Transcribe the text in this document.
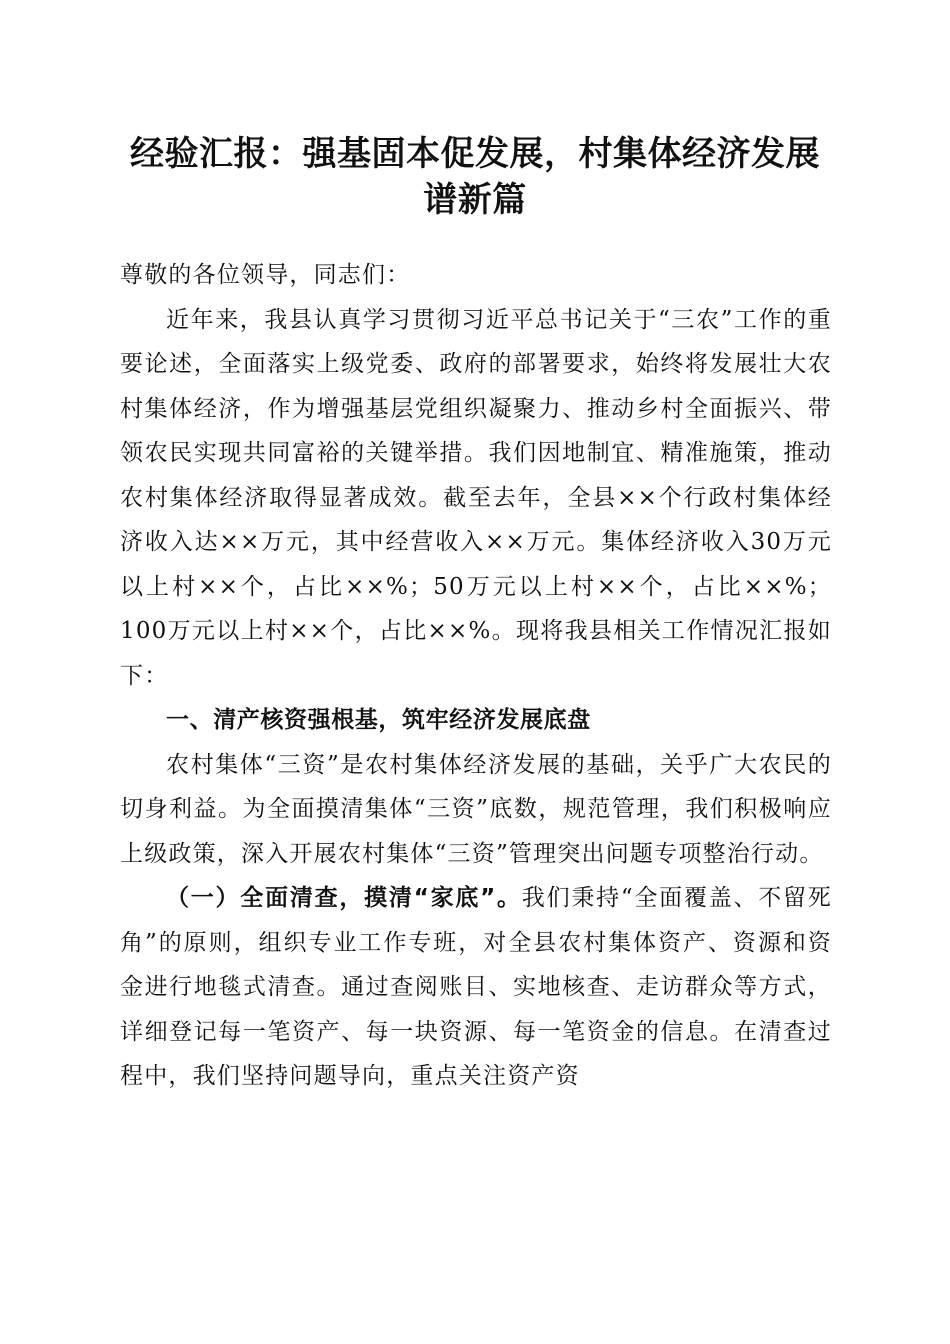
经验汇报：强基固本促发展，村集体经济发展
谱新篇

尊敬的各位领导，同志们：

近年来，我县认真学习贯彻习近平总书记关于“三农”工作的重要论述，全面落实上级党委、政府的部署要求，始终将发展壮大农村集体经济，作为增强基层党组织凝聚力、推动乡村全面振兴、带领农民实现共同富裕的关键举措。我们因地制宜、精准施策，推动农村集体经济取得显著成效。截至去年，全县××个行政村集体经济收入达××万元，其中经营收入××万元。集体经济收入30万元以上村××个，占比××%；50万元以上村××个，占比××%；100万元以上村××个，占比××%。现将我县相关工作情况汇报如下：

一、清产核资强根基，筑牢经济发展底盘

农村集体“三资”是农村集体经济发展的基础，关乎广大农民的切身利益。为全面摸清集体“三资”底数，规范管理，我们积极响应上级政策，深入开展农村集体“三资”管理突出问题专项整治行动。

（一）全面清查，摸清“家底”。我们秉持“全面覆盖、不留死角”的原则，组织专业工作专班，对全县农村集体资产、资源和资金进行地毯式清查。通过查阅账目、实地核查、走访群众等方式，详细登记每一笔资产、每一块资源、每一笔资金的信息。在清查过程中，我们坚持问题导向，重点关注资产资
